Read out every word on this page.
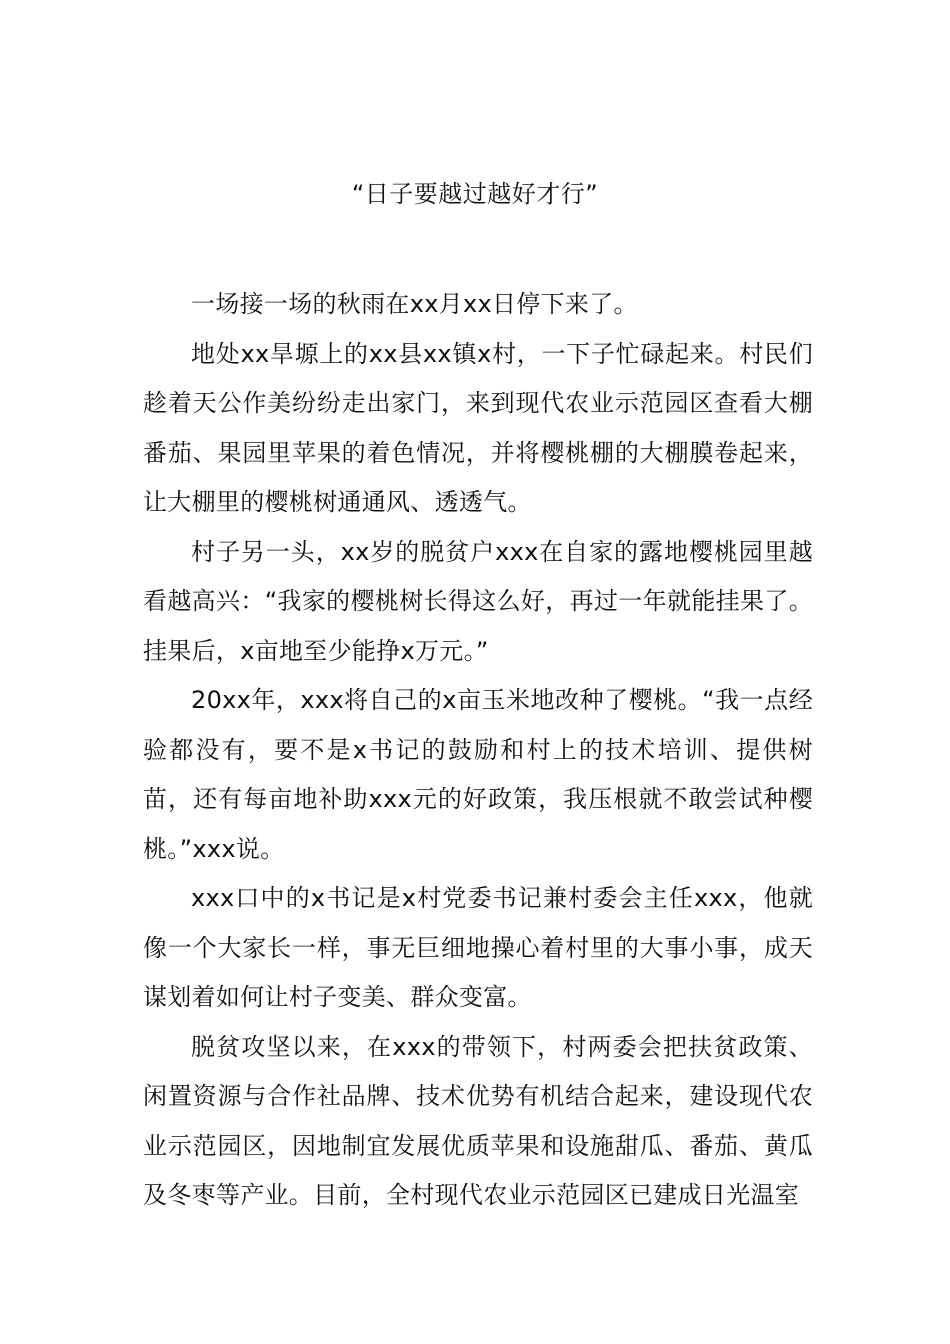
“日子要越过越好才行”

一场接一场的秋雨在xx月xx日停下来了。

地处xx旱塬上的xx县xx镇x村，一下子忙碌起来。村民们趁着天公作美纷纷走出家门，来到现代农业示范园区查看大棚番茄、果园里苹果的着色情况，并将樱桃棚的大棚膜卷起来，让大棚里的樱桃树通通风、透透气。

村子另一头，xx岁的脱贫户xxx在自家的露地樱桃园里越看越高兴：“我家的樱桃树长得这么好，再过一年就能挂果了。挂果后，x亩地至少能挣x万元。”

20xx年，xxx将自己的x亩玉米地改种了樱桃。“我一点经验都没有，要不是x书记的鼓励和村上的技术培训、提供树苗，还有每亩地补助xxx元的好政策，我压根就不敢尝试种樱桃。”xxx说。

xxx口中的x书记是x村党委书记兼村委会主任xxx，他就像一个大家长一样，事无巨细地操心着村里的大事小事，成天谋划着如何让村子变美、群众变富。

脱贫攻坚以来，在xxx的带领下，村两委会把扶贫政策、闲置资源与合作社品牌、技术优势有机结合起来，建设现代农业示范园区，因地制宜发展优质苹果和设施甜瓜、番茄、黄瓜及冬枣等产业。目前，全村现代农业示范园区已建成日光温室
